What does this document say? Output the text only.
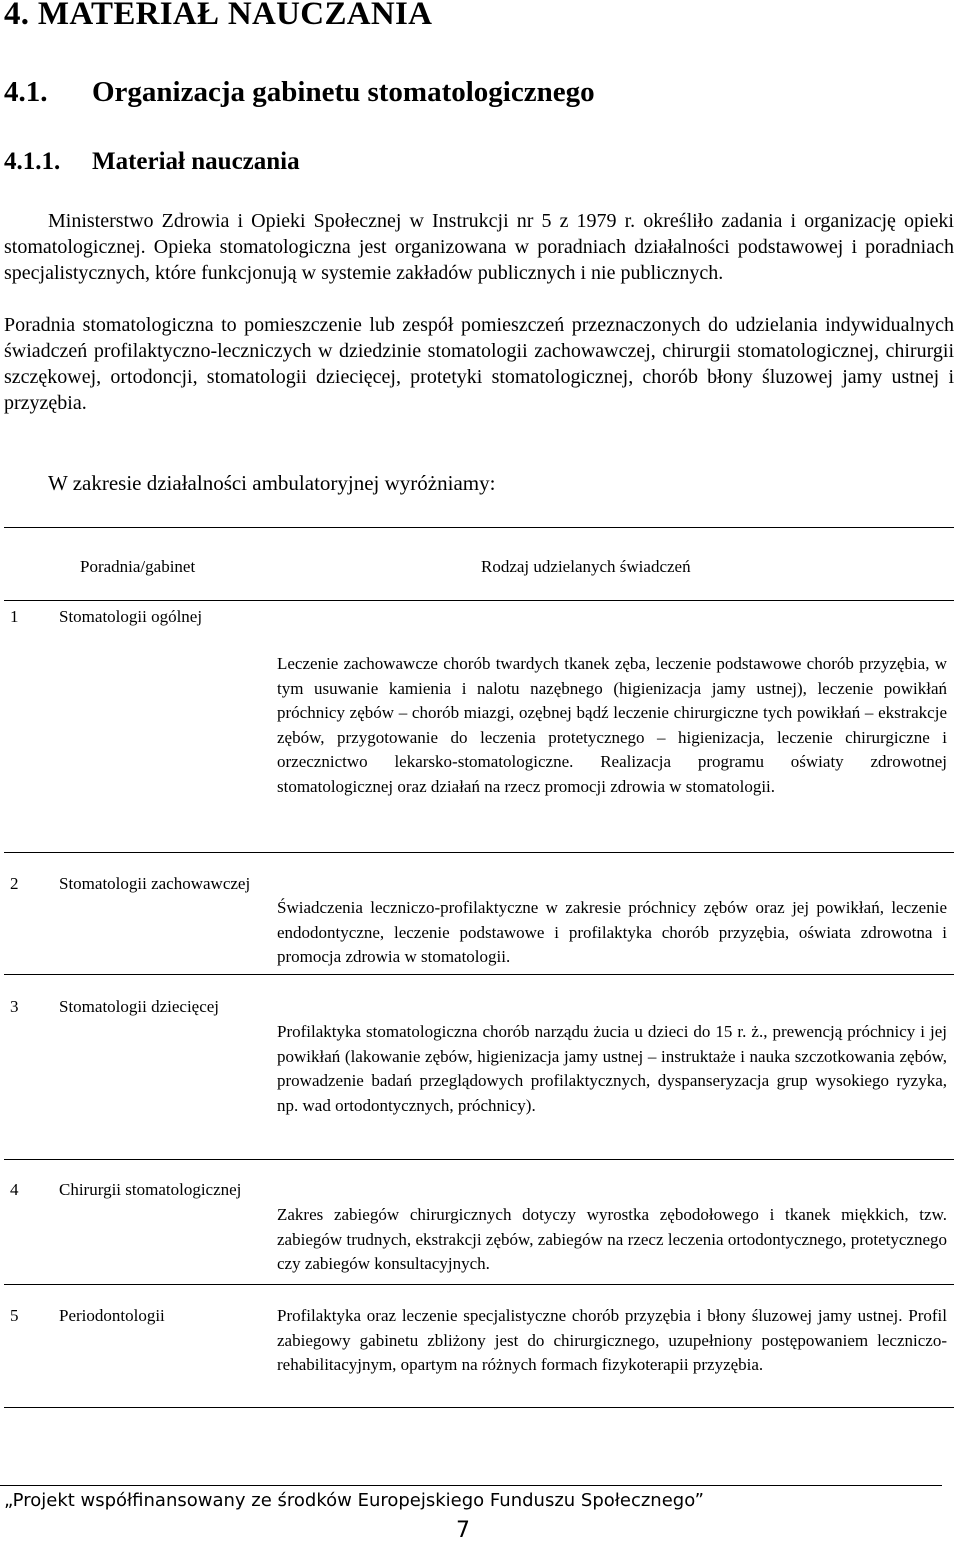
4. MATERIAŁ NAUCZANIA
4.1. Organizacja gabinetu stomatologicznego
4.1.1. Materiał nauczania
Ministerstwo Zdrowia i Opieki Społecznej w Instrukcji nr 5 z 1979 r. określiło zadania i organizację opieki stomatologicznej. Opieka stomatologiczna jest organizowana w poradniach działalności podstawowej i poradniach specjalistycznych, które funkcjonują w systemie zakładów publicznych i nie publicznych.
Poradnia stomatologiczna to pomieszczenie lub zespół pomieszczeń przeznaczonych do udzielania indywidualnych świadczeń profilaktyczno-leczniczych w dziedzinie stomatologii zachowawczej, chirurgii stomatologicznej, chirurgii szczękowej, ortodoncji, stomatologii dziecięcej, protetyki stomatologicznej, chorób błony śluzowej jamy ustnej i przyzębia.
W zakresie działalności ambulatoryjnej wyróżniamy:
Poradnia/gabinet	Rodzaj udzielanych świadczeń
1 Stomatologii ogólnej
Leczenie zachowawcze chorób twardych tkanek zęba, leczenie podstawowe chorób przyzębia, w tym usuwanie kamienia i nalotu nazębnego (higienizacja jamy ustnej), leczenie powikłań próchnicy zębów – chorób miazgi, ozębnej bądź leczenie chirurgiczne tych powikłań – ekstrakcje zębów, przygotowanie do leczenia protetycznego – higienizacja, leczenie chirurgiczne i orzecznictwo lekarsko-stomatologiczne. Realizacja programu oświaty zdrowotnej stomatologicznej oraz działań na rzecz promocji zdrowia w stomatologii.
2 Stomatologii zachowawczej
Świadczenia leczniczo-profilaktyczne w zakresie próchnicy zębów oraz jej powikłań, leczenie endodontyczne, leczenie podstawowe i profilaktyka chorób przyzębia, oświata zdrowotna i promocja zdrowia w stomatologii.
3 Stomatologii dziecięcej
Profilaktyka stomatologiczna chorób narządu żucia u dzieci do 15 r. ż., prewencją próchnicy i jej powikłań (lakowanie zębów, higienizacja jamy ustnej – instruktaże i nauka szczotkowania zębów, prowadzenie badań przeglądowych profilaktycznych, dyspanseryzacja grup wysokiego ryzyka, np. wad ortodontycznych, próchnicy).
4 Chirurgii stomatologicznej
Zakres zabiegów chirurgicznych dotyczy wyrostka zębodołowego i tkanek miękkich, tzw. zabiegów trudnych, ekstrakcji zębów, zabiegów na rzecz leczenia ortodontycznego, protetycznego czy zabiegów konsultacyjnych.
5 Periodontologii	Profilaktyka oraz leczenie specjalistyczne chorób przyzębia i błony śluzowej jamy ustnej. Profil zabiegowy gabinetu zbliżony jest do chirurgicznego, uzupełniony postępowaniem leczniczo-rehabilitacyjnym, opartym na różnych formach fizykoterapii przyzębia.
„Projekt współfinansowany ze środków Europejskiego Funduszu Społecznego”
7
